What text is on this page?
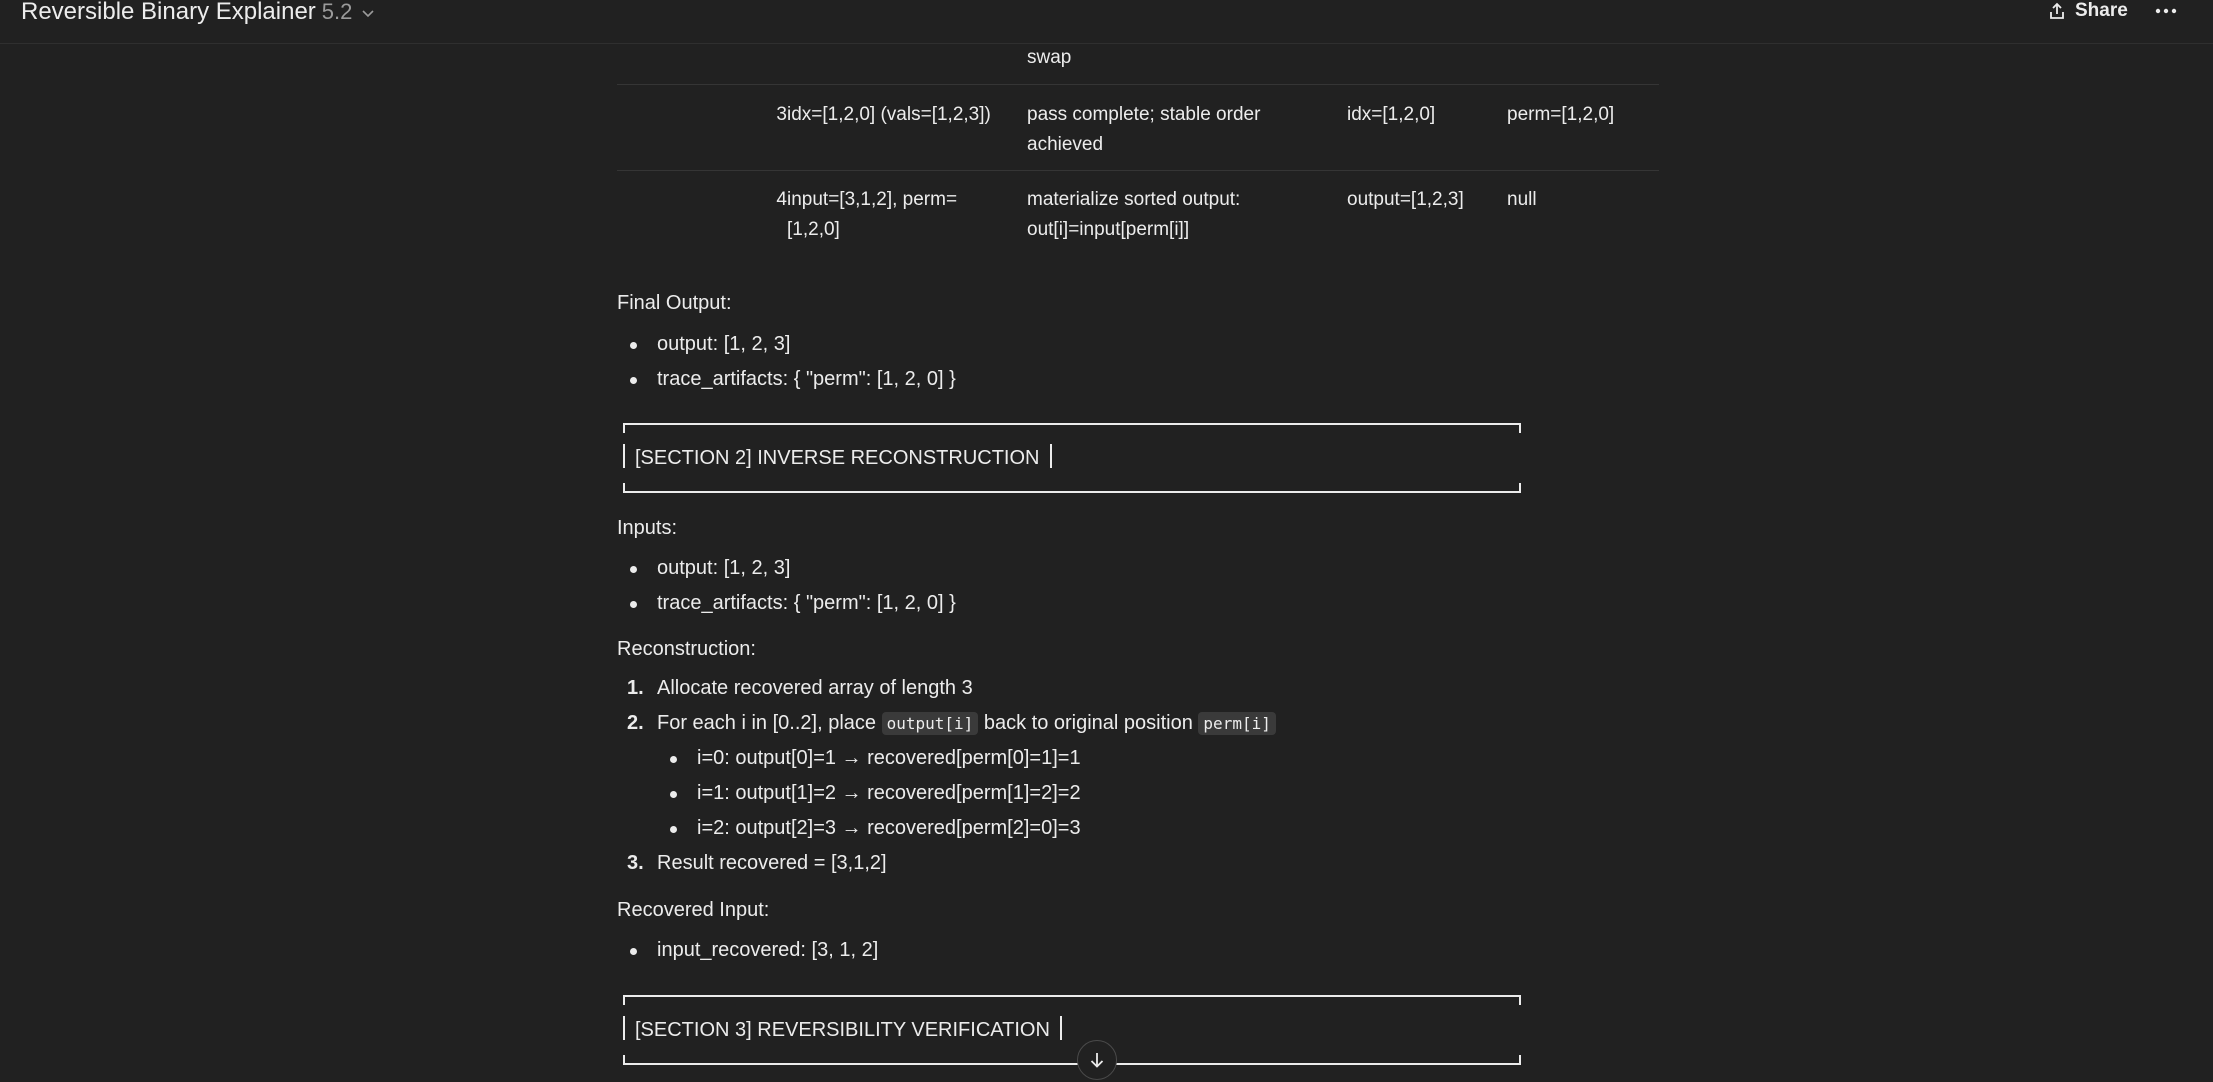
Reversible Binary Explainer 5.2	Share
swap
3 idx=[1,2,0] (vals=[1,2,3]) pass complete; stable order
achieved
idx=[1,2,0]	perm=[1,2,0]
4 input=[3,1,2], perm=
[1,2,0]
materialize sorted output:
out[i]=input[perm[i]]
output=[1,2,3] null
Final Output:
output: [1, 2, 3]
trace_artifacts: { "perm": [1, 2, 0] }
[SECTION 2] INVERSE RECONSTRUCTION
Inputs:
output: [1, 2, 3]
trace_artifacts: { "perm": [1, 2, 0] }
Reconstruction:
1. Allocate recovered array of length 3
2. For each i in [0..2], place output[i] back to original position perm[i]
i=0: output[0]=1 → recovered[perm[0]=1]=1
i=1: output[1]=2 → recovered[perm[1]=2]=2
i=2: output[2]=3 → recovered[perm[2]=0]=3
3. Result recovered = [3,1,2]
Recovered Input:
input_recovered: [3, 1, 2]
[SECTION 3] REVERSIBILITY VERIFICATION
